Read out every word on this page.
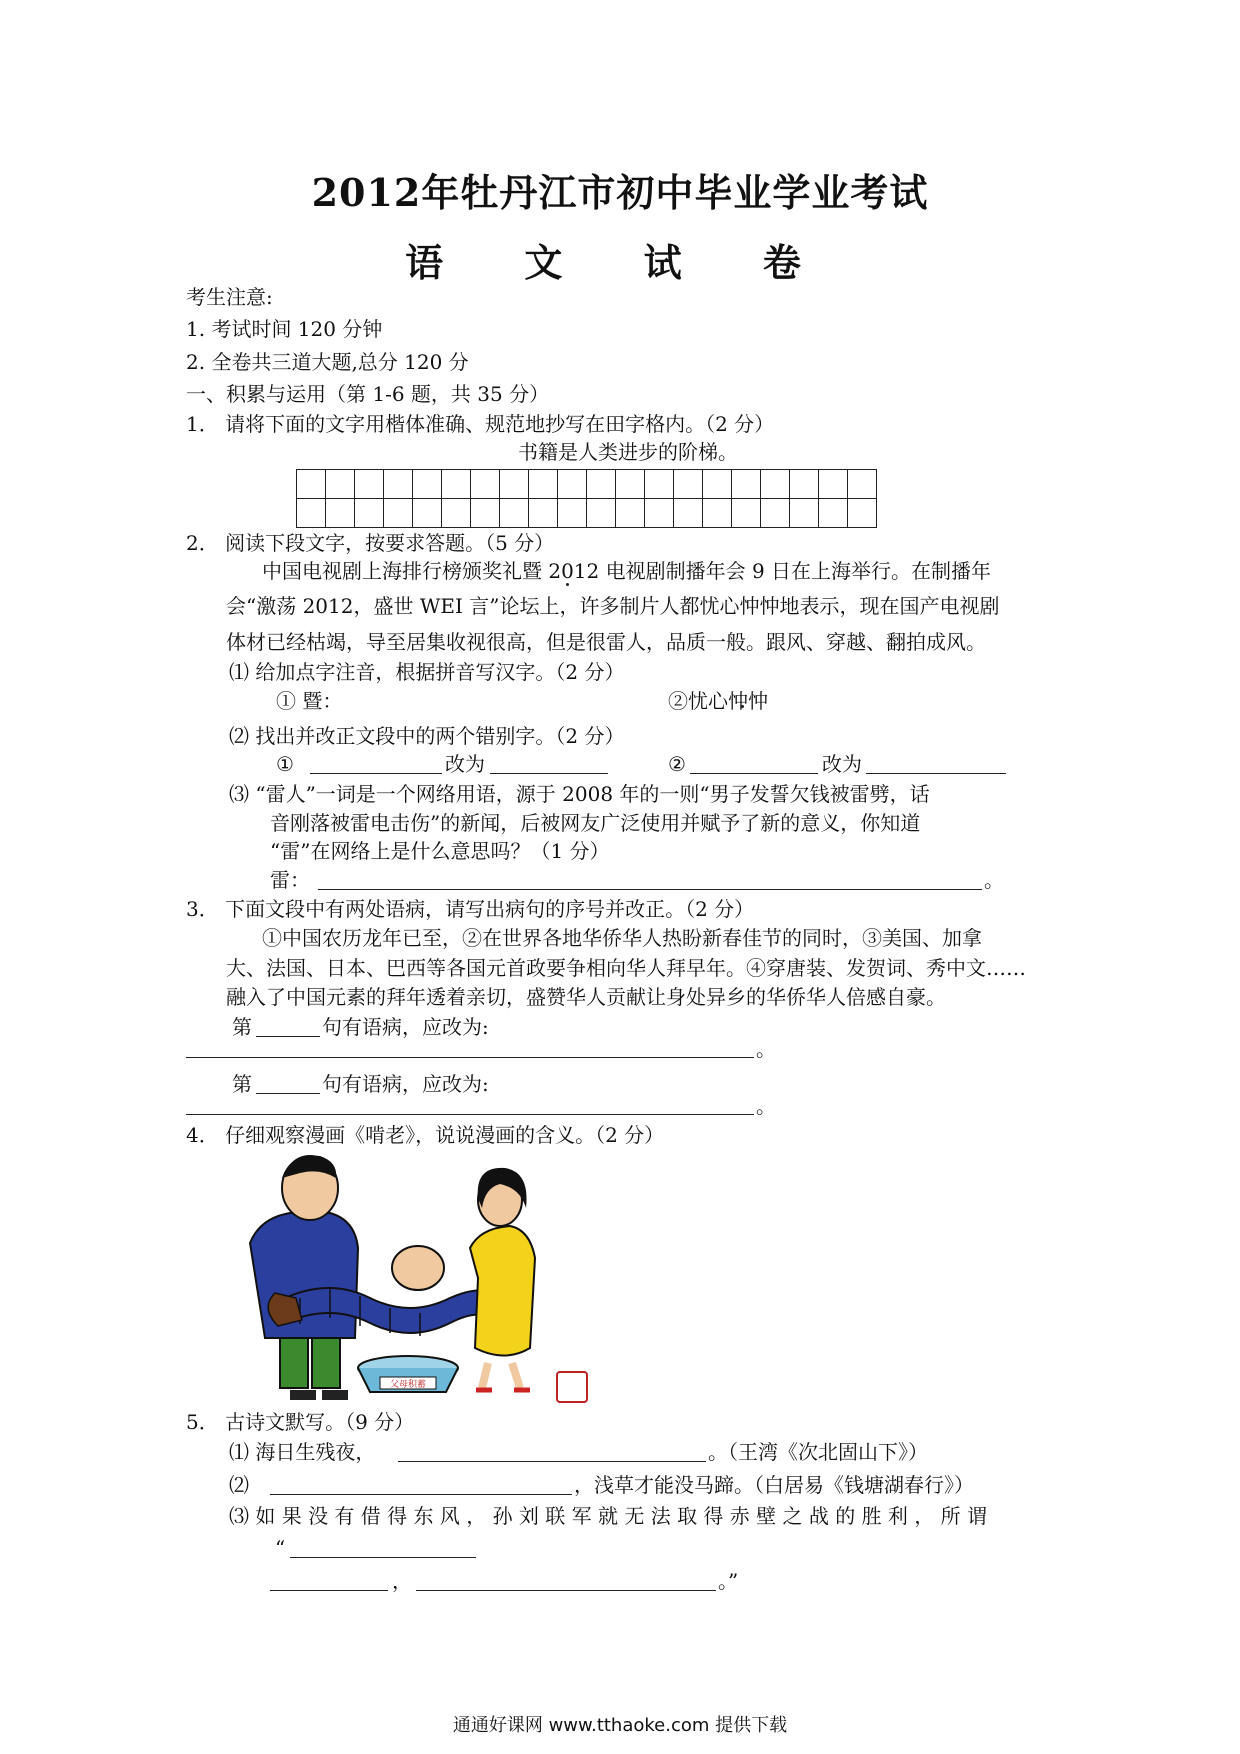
2012年牡丹江市初中毕业学业考试
语 文 试 卷
考生注意:
1. 考试时间 120 分钟
2. 全卷共三道大题,总分 120 分
一、积累与运用（第 1-6 题，共 35 分）
1． 请将下面的文字用楷体准确、规范地抄写在田字格内。（2 分）
书籍是人类进步的阶梯。

2． 阅读下段文字，按要求答题。（5 分）
中国电视剧上海排行榜颁奖礼暨 2012 电视剧制播年会 9 日在上海举行。在制播年
会“激荡 2012，盛世 WEI 言”论坛上，许多制片人都忧心忡忡地表示，现在国产电视剧
体材已经枯竭，导至居集收视很高，但是很雷人，品质一般。跟风、穿越、翻拍成风。
⑴ 给加点字注音，根据拼音写汉字。（2 分）
① 暨：	②忧心忡忡
⑵ 找出并改正文段中的两个错别字。（2 分）
①	改为	②	改为
⑶ “雷人”一词是一个网络用语，源于 2008 年的一则“男子发誓欠钱被雷劈，话
音刚落被雷电击伤”的新闻，后被网友广泛使用并赋予了新的意义，你知道
“雷”在网络上是什么意思吗？（1 分）
雷：	。
3． 下面文段中有两处语病，请写出病句的序号并改正。（2 分）
①中国农历龙年已至，②在世界各地华侨华人热盼新春佳节的同时，③美国、加拿
大、法国、日本、巴西等各国元首政要争相向华人拜早年。④穿唐装、发贺词、秀中文……
融入了中国元素的拜年透着亲切，盛赞华人贡献让身处异乡的华侨华人倍感自豪。
第	句有语病，应改为:
。
第	句有语病，应改为:
。
4． 仔细观察漫画《啃老》，说说漫画的含义。（2 分）
父母积蓄
5． 古诗文默写。（9 分）
⑴ 海日生残夜，	。（王湾《次北固山下》）
⑵	，浅草才能没马蹄。（白居易《钱塘湖春行》）
⑶ 如 果 没 有 借 得 东 风 ， 孙 刘 联 军 就 无 法 取 得 赤 壁 之 战 的 胜 利 ， 所 谓
“
，	。”
通通好课网 www.tthaoke.com 提供下载
